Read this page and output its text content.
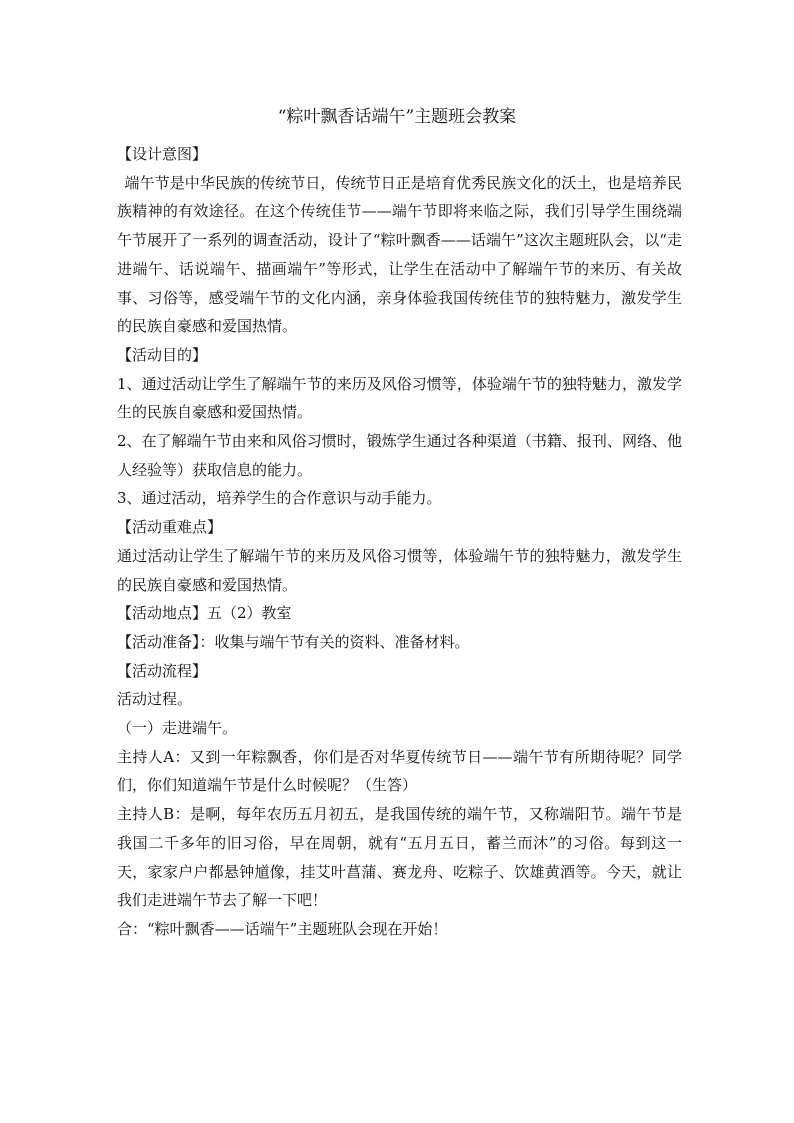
“粽叶飘香话端午”主题班会教案

【设计意图】

端午节是中华民族的传统节日，传统节日正是培育优秀民族文化的沃土，也是培养民族精神的有效途径。在这个传统佳节——端午节即将来临之际，我们引导学生围绕端午节展开了一系列的调查活动，设计了“粽叶飘香——话端午”这次主题班队会，以“走进端午、话说端午、描画端午”等形式，让学生在活动中了解端午节的来历、有关故事、习俗等，感受端午节的文化内涵，亲身体验我国传统佳节的独特魅力，激发学生的民族自豪感和爱国热情。

【活动目的】

1、通过活动让学生了解端午节的来历及风俗习惯等，体验端午节的独特魅力，激发学生的民族自豪感和爱国热情。

2、在了解端午节由来和风俗习惯时，锻炼学生通过各种渠道（书籍、报刊、网络、他人经验等）获取信息的能力。

3、通过活动，培养学生的合作意识与动手能力。

【活动重难点】

通过活动让学生了解端午节的来历及风俗习惯等，体验端午节的独特魅力，激发学生的民族自豪感和爱国热情。

【活动地点】五（2）教室

【活动准备】：收集与端午节有关的资料、准备材料。

【活动流程】

活动过程。

（一）走进端午。

主持人A：又到一年粽飘香，你们是否对华夏传统节日——端午节有所期待呢？同学们，你们知道端午节是什么时候呢？（生答）

主持人B：是啊，每年农历五月初五，是我国传统的端午节，又称端阳节。端午节是我国二千多年的旧习俗，早在周朝，就有“五月五日，蓄兰而沐”的习俗。每到这一天，家家户户都悬钟馗像，挂艾叶菖蒲、赛龙舟、吃粽子、饮雄黄酒等。今天，就让我们走进端午节去了解一下吧！

合：“粽叶飘香——话端午”主题班队会现在开始！
